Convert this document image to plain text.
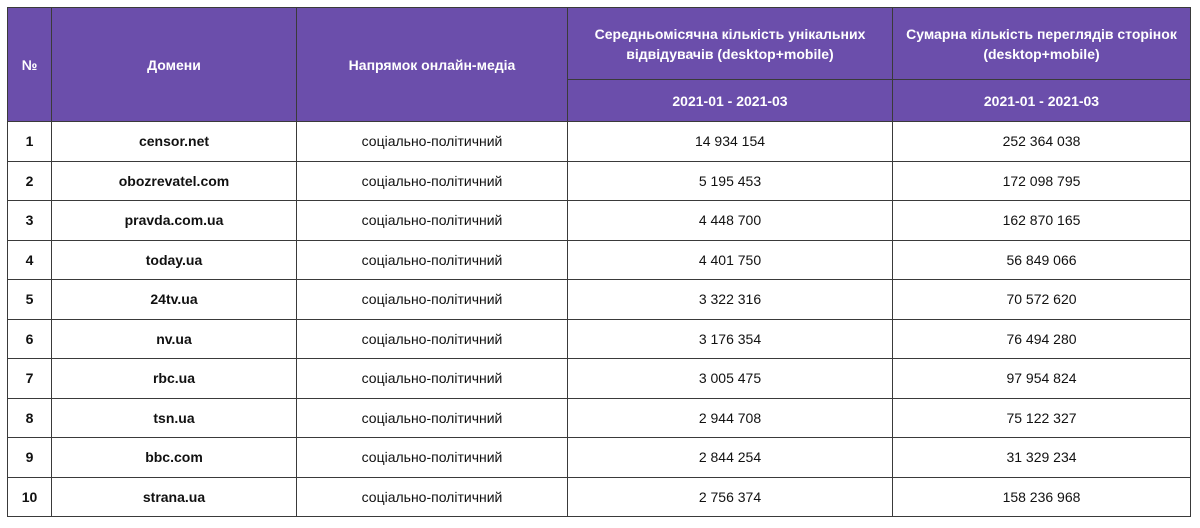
№	Домени	Напрямок онлайн-медіа	Середньомісячна кількість унікальних відвідувачів (desktop+mobile)	Сумарна кількість переглядів сторінок (desktop+mobile)
			2021-01 - 2021-03	2021-01 - 2021-03
1	censor.net	соціально-політичний	14 934 154	252 364 038
2	obozrevatel.com	соціально-політичний	5 195 453	172 098 795
3	pravda.com.ua	соціально-політичний	4 448 700	162 870 165
4	today.ua	соціально-політичний	4 401 750	56 849 066
5	24tv.ua	соціально-політичний	3 322 316	70 572 620
6	nv.ua	соціально-політичний	3 176 354	76 494 280
7	rbc.ua	соціально-політичний	3 005 475	97 954 824
8	tsn.ua	соціально-політичний	2 944 708	75 122 327
9	bbc.com	соціально-політичний	2 844 254	31 329 234
10	strana.ua	соціально-політичний	2 756 374	158 236 968
